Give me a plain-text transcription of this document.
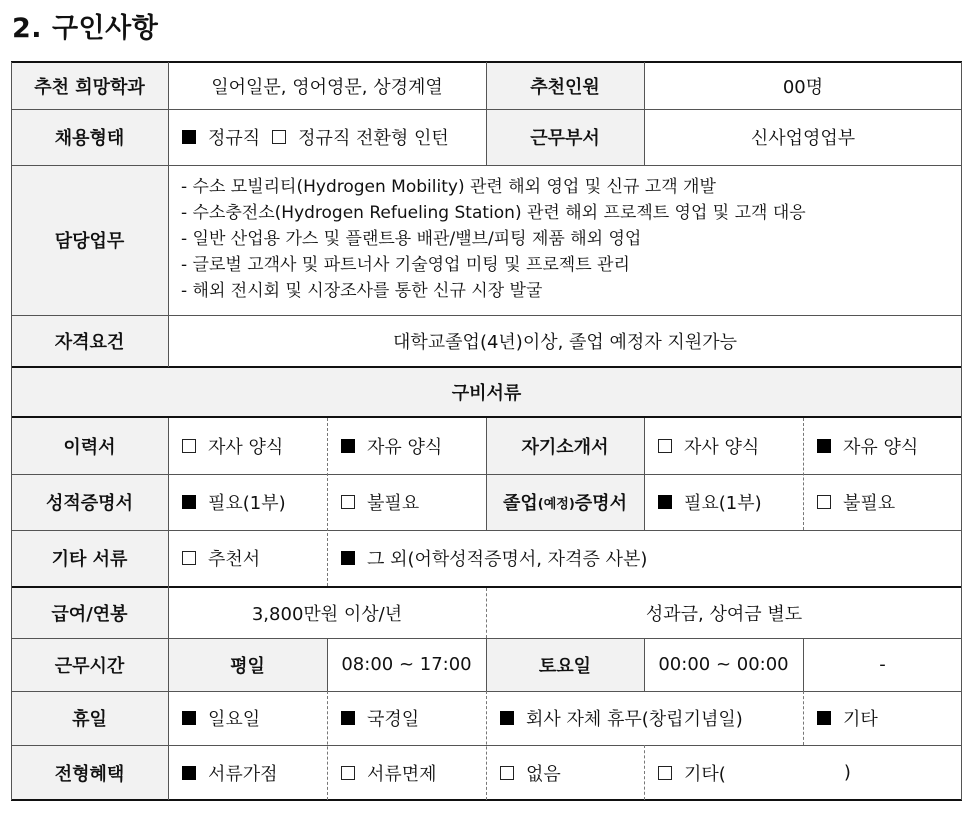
2. 구인사항
추천 희망학과	일어일문, 영어영문, 상경계열	추천인원	00명
채용형태	정규직 정규직 전환형 인턴	근무부서	신사업영업부
담당업무
- 수소 모빌리티(Hydrogen Mobility) 관련 해외 영업 및 신규 고객 개발
- 수소충전소(Hydrogen Refueling Station) 관련 해외 프로젝트 영업 및 고객 대응
- 일반 산업용 가스 및 플랜트용 배관/밸브/피팅 제품 해외 영업
- 글로벌 고객사 및 파트너사 기술영업 미팅 및 프로젝트 관리
- 해외 전시회 및 시장조사를 통한 신규 시장 발굴
자격요건	대학교졸업(4년)이상, 졸업 예정자 지원가능
구비서류
이력서	자사 양식	자유 양식	자기소개서	자사 양식	자유 양식
성적증명서	필요(1부)	불필요	졸업 (예정) 증명서	필요(1부)	불필요
기타 서류	추천서	그 외(어학성적증명서, 자격증 사본)
급여/연봉	3,800만원 이상/년	성과금, 상여금 별도
근무시간	평일	08:00 ~ 17:00	토요일	00:00 ~ 00:00	-
휴일	일요일	국경일	회사 자체 휴무(창립기념일)	기타
전형혜택	서류가점	서류면제	없음	기타(	)
